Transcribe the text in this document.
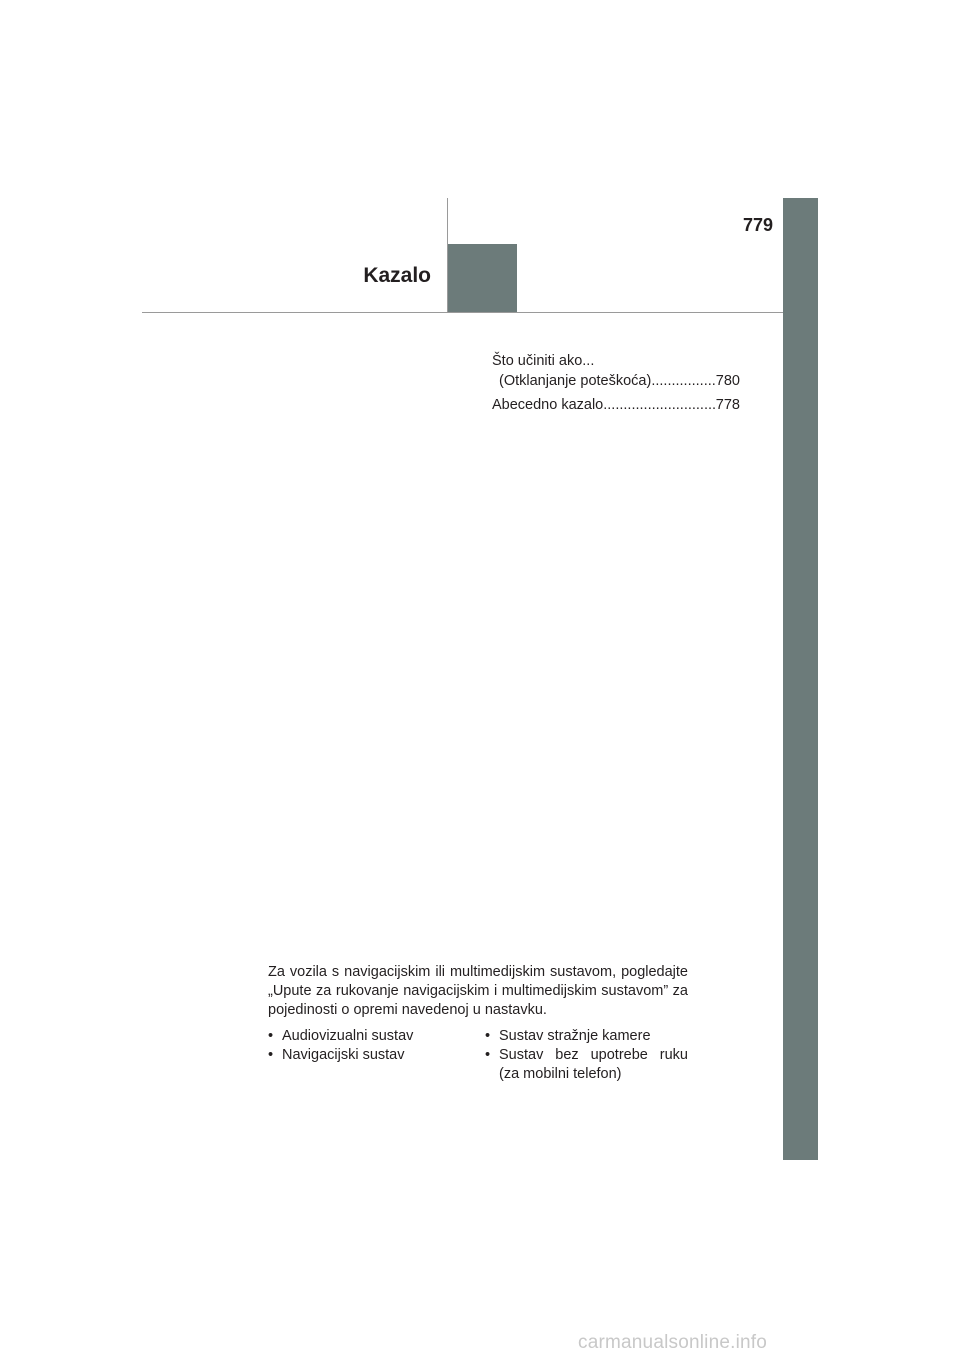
779
Kazalo
Što učiniti ako...
(Otklanjanje poteškoća) .....	780
Abecedno kazalo .....	778
Za vozila s navigacijskim ili multimedijskim sustavom, pogledajte „Upute za rukovanje navigacijskim i multimedijskim sustavom” za pojedinosti o opremi navedenoj u nastavku.
• Audiovizualni sustav
• Navigacijski sustav
• Sustav stražnje kamere
• Sustav bez upotrebe ruku
(za mobilni telefon)
carmanualsonline.info
